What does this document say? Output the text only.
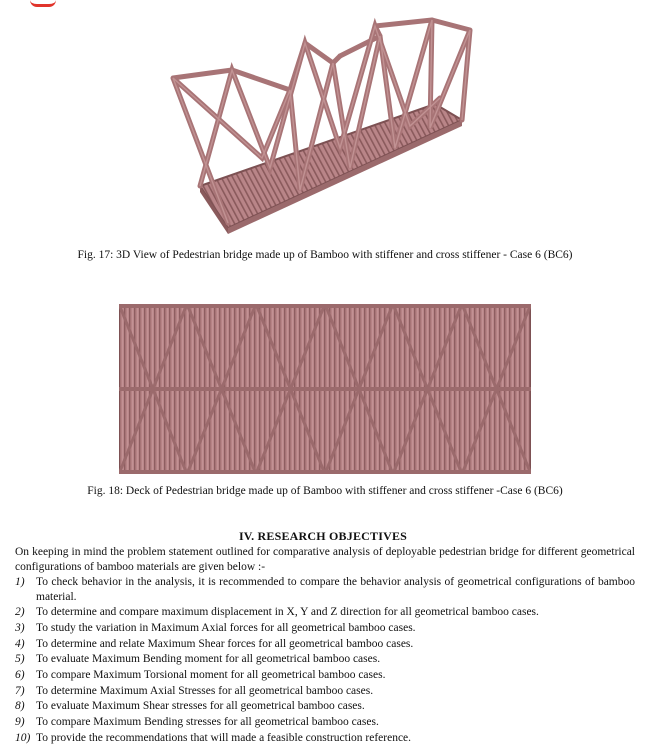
Fig. 17: 3D View of Pedestrian bridge made up of Bamboo with stiffener and cross stiffener - Case 6 (BC6)
Fig. 18: Deck of Pedestrian bridge made up of Bamboo with stiffener and cross stiffener -Case 6 (BC6)
IV. RESEARCH OBJECTIVES
On keeping in mind the problem statement outlined for comparative analysis of deployable pedestrian bridge for different geometrical configurations of bamboo materials are given below :-
1) To check behavior in the analysis, it is recommended to compare the behavior analysis of geometrical configurations of bamboo material.
2) To determine and compare maximum displacement in X, Y and Z direction for all geometrical bamboo cases.
3) To study the variation in Maximum Axial forces for all geometrical bamboo cases.
4) To determine and relate Maximum Shear forces for all geometrical bamboo cases.
5) To evaluate Maximum Bending moment for all geometrical bamboo cases.
6) To compare Maximum Torsional moment for all geometrical bamboo cases.
7) To determine Maximum Axial Stresses for all geometrical bamboo cases.
8) To evaluate Maximum Shear stresses for all geometrical bamboo cases.
9) To compare Maximum Bending stresses for all geometrical bamboo cases.
10) To provide the recommendations that will made a feasible construction reference.
